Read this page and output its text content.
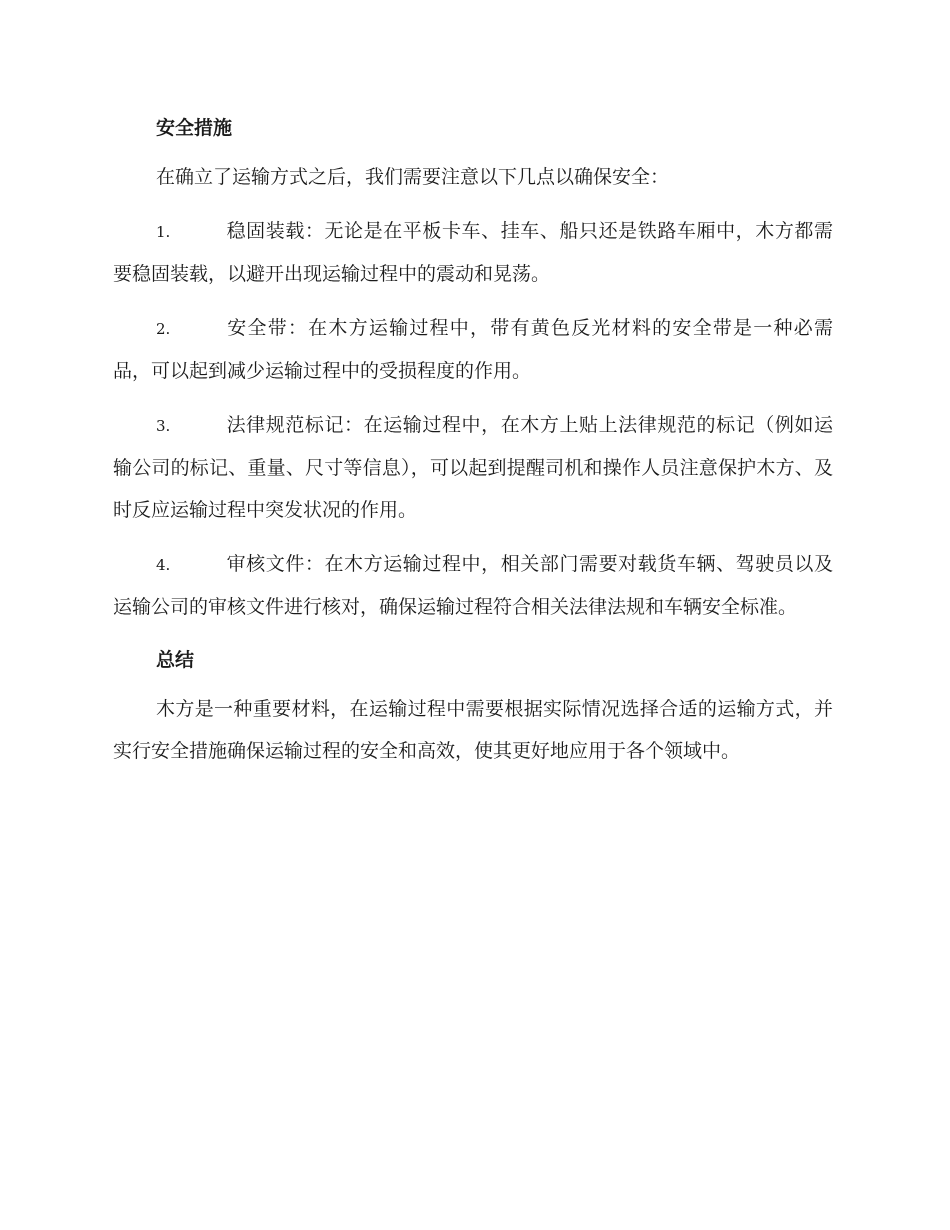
安全措施

在确立了运输方式之后，我们需要注意以下几点以确保安全：

1.	稳固装载：无论是在平板卡车、挂车、船只还是铁路车厢中，木方都需要稳固装载，以避开出现运输过程中的震动和晃荡。

2.	安全带：在木方运输过程中，带有黄色反光材料的安全带是一种必需品，可以起到减少运输过程中的受损程度的作用。

3.	法律规范标记：在运输过程中，在木方上贴上法律规范的标记（例如运输公司的标记、重量、尺寸等信息），可以起到提醒司机和操作人员注意保护木方、及时反应运输过程中突发状况的作用。

4.	审核文件：在木方运输过程中，相关部门需要对载货车辆、驾驶员以及运输公司的审核文件进行核对，确保运输过程符合相关法律法规和车辆安全标准。

总结

木方是一种重要材料，在运输过程中需要根据实际情况选择合适的运输方式，并实行安全措施确保运输过程的安全和高效，使其更好地应用于各个领域中。
